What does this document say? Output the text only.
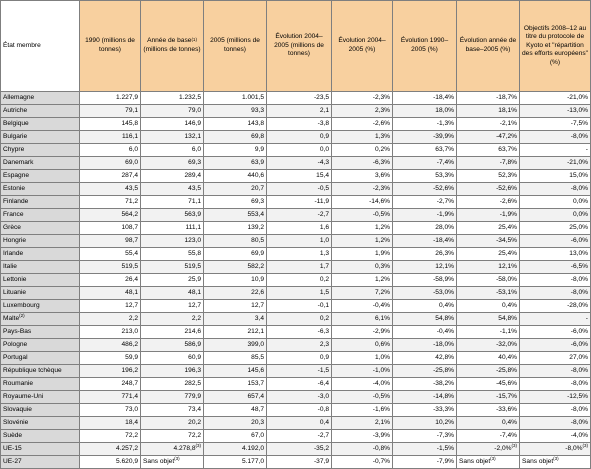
État membre	1990 (millions de tonnes)	Année de base$^{(1)}$ (millions de tonnes)	2005 (millions de tonnes)	Évolution 2004–2005 (millions de tonnes)	Évolution 2004–2005 (%)	Évolution 1990–2005 (%)	Évolution année de base–2005 (%)	Objectifs 2008–12 au titre du protocole de Kyoto et "répartition des efforts européens" (%)
Allemagne	1.227,9	1.232,5	1.001,5	-23,5	-2,3%	-18,4%	-18,7%	-21,0%
Autriche	79,1	79,0	93,3	2,1	2,3%	18,0%	18,1%	-13,0%
Belgique	145,8	146,9	143,8	-3,8	-2,6%	-1,3%	-2,1%	-7,5%
Bulgarie	116,1	132,1	69,8	0,9	1,3%	-39,9%	-47,2%	-8,0%
Chypre	6,0	6,0	9,9	0,0	0,2%	63,7%	63,7%	-
Danemark	69,0	69,3	63,9	-4,3	-6,3%	-7,4%	-7,8%	-21,0%
Espagne	287,4	289,4	440,6	15,4	3,6%	53,3%	52,3%	15,0%
Estonie	43,5	43,5	20,7	-0,5	-2,3%	-52,6%	-52,6%	-8,0%
Finlande	71,2	71,1	69,3	-11,9	-14,6%	-2,7%	-2,6%	0,0%
France	564,2	563,9	553,4	-2,7	-0,5%	-1,9%	-1,9%	0,0%
Grèce	108,7	111,1	139,2	1,6	1,2%	28,0%	25,4%	25,0%
Hongrie	98,7	123,0	80,5	1,0	1,2%	-18,4%	-34,5%	-6,0%
Irlande	55,4	55,8	69,9	1,3	1,9%	26,3%	25,4%	13,0%
Italie	519,5	519,5	582,2	1,7	0,3%	12,1%	12,1%	-6,5%
Lettonie	26,4	25,9	10,9	0,2	1,2%	-58,9%	-58,0%	-8,0%
Lituanie	48,1	48,1	22,6	1,5	7,2%	-53,0%	-53,1%	-8,0%
Luxembourg	12,7	12,7	12,7	-0,1	-0,4%	0,4%	0,4%	-28,0%
Malte$^{(2)}$	2,2	2,2	3,4	0,2	6,1%	54,8%	54,8%	-
Pays-Bas	213,0	214,6	212,1	-6,3	-2,9%	-0,4%	-1,1%	-6,0%
Pologne	486,2	586,9	399,0	2,3	0,6%	-18,0%	-32,0%	-6,0%
Portugal	59,9	60,9	85,5	0,9	1,0%	42,8%	40,4%	27,0%
République tchèque	196,2	196,3	145,6	-1,5	-1,0%	-25,8%	-25,8%	-8,0%
Roumanie	248,7	282,5	153,7	-6,4	-4,0%	-38,2%	-45,6%	-8,0%
Royaume-Uni	771,4	779,9	657,4	-3,0	-0,5%	-14,8%	-15,7%	-12,5%
Slovaquie	73,0	73,4	48,7	-0,8	-1,6%	-33,3%	-33,6%	-8,0%
Slovénie	18,4	20,2	20,3	0,4	2,1%	10,2%	0,4%	-8,0%
Suède	72,2	72,2	67,0	-2,7	-3,9%	-7,3%	-7,4%	-4,0%
UE-15	4.257,2	4.278,8$^{(3)}$	4.192,0	-35,2	-0,8%	-1,5%	-2,0%$^{(3)}$	-8,0%$^{(3)}$
UE-27	5.620,9	Sans objet$^{(3)}$	5.177,0	-37,9	-0,7%	-7,9%	Sans objet$^{(3)}$	Sans objet$^{(3)}$
